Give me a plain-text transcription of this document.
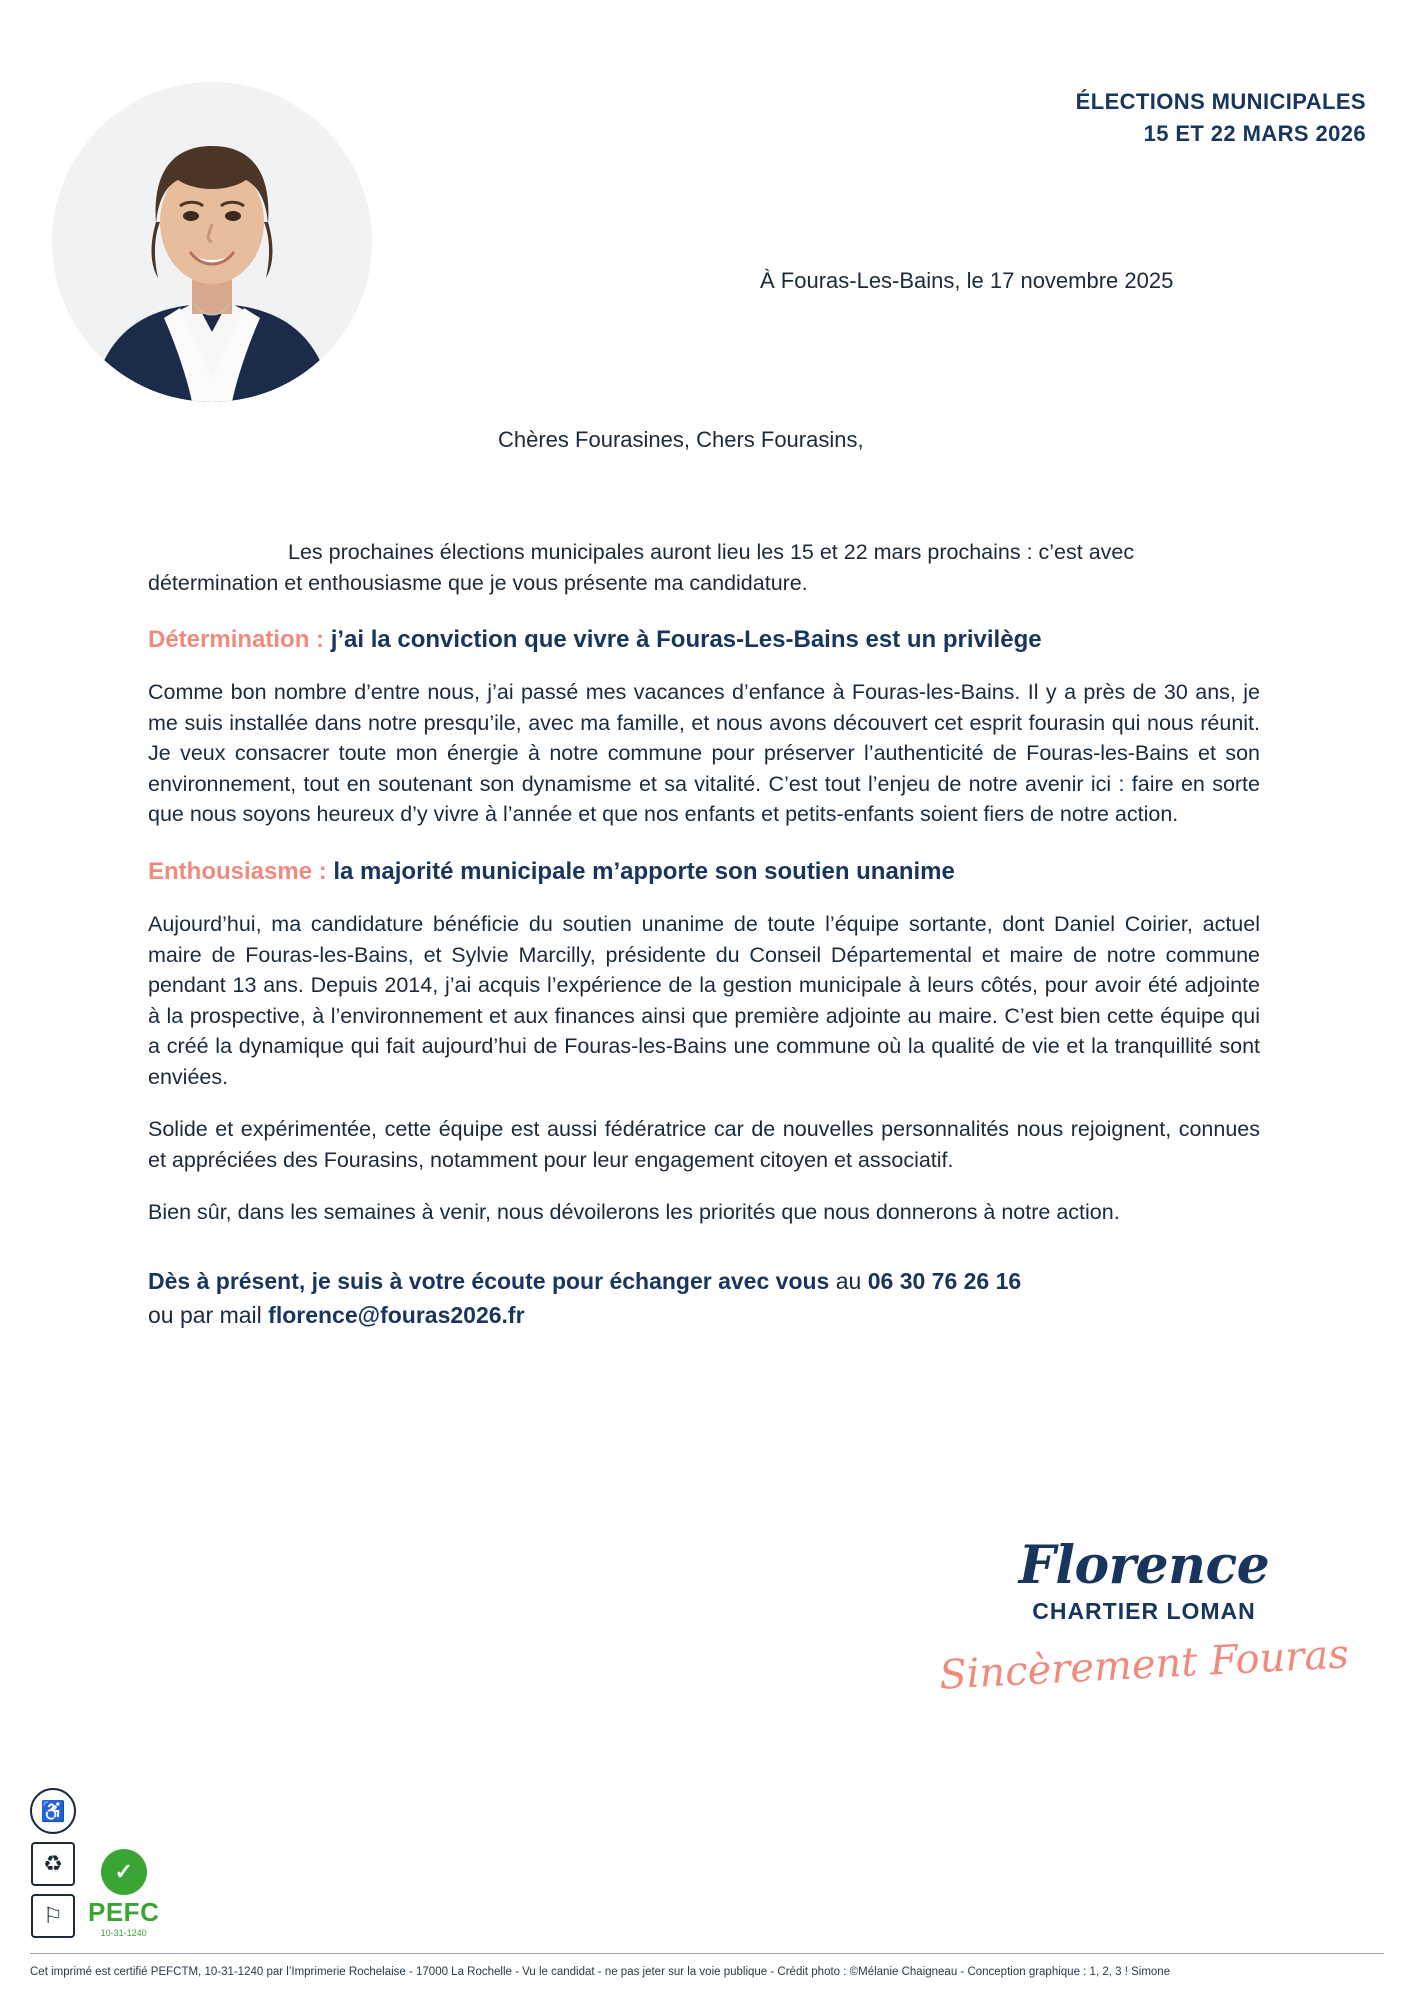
ÉLECTIONS MUNICIPALES
15 ET 22 MARS 2026
À Fouras-Les-Bains, le 17 novembre 2025
Chères Fourasines, Chers Fourasins,

Les prochaines élections municipales auront lieu les 15 et 22 mars prochains : c’est avec détermination et enthousiasme que je vous présente ma candidature.

Détermination : j’ai la conviction que vivre à Fouras-Les-Bains est un privilège

Comme bon nombre d’entre nous, j’ai passé mes vacances d’enfance à Fouras-les-Bains. Il y a près de 30 ans, je me suis installée dans notre presqu’ile, avec ma famille, et nous avons découvert cet esprit fourasin qui nous réunit. Je veux consacrer toute mon énergie à notre commune pour préserver l’authenticité de Fouras-les-Bains et son environnement, tout en soutenant son dynamisme et sa vitalité. C’est tout l’enjeu de notre avenir ici : faire en sorte que nous soyons heureux d’y vivre à l’année et que nos enfants et petits-enfants soient fiers de notre action.

Enthousiasme : la majorité municipale m’apporte son soutien unanime

Aujourd’hui, ma candidature bénéficie du soutien unanime de toute l’équipe sortante, dont Daniel Coirier, actuel maire de Fouras-les-Bains, et Sylvie Marcilly, présidente du Conseil Départemental et maire de notre commune pendant 13 ans. Depuis 2014, j’ai acquis l’expérience de la gestion municipale à leurs côtés, pour avoir été adjointe à la prospective, à l’environnement et aux finances ainsi que première adjointe au maire. C’est bien cette équipe qui a créé la dynamique qui fait aujourd’hui de Fouras-les-Bains une commune où la qualité de vie et la tranquillité sont enviées.

Solide et expérimentée, cette équipe est aussi fédératrice car de nouvelles personnalités nous rejoignent, connues et appréciées des Fourasins, notamment pour leur engagement citoyen et associatif.

Bien sûr, dans les semaines à venir, nous dévoilerons les priorités que nous donnerons à notre action.

Dès à présent, je suis à votre écoute pour échanger avec vous au 06 30 76 26 16
ou par mail florence@fouras2026.fr

Florence
CHARTIER LOMAN
Sincèrement Fouras
♿
♻
⚐
✓
PEFC
10-31-1240
Cet imprimé est certifié PEFCTM, 10-31-1240 par l’Imprimerie Rochelaise - 17000 La Rochelle - Vu le candidat - ne pas jeter sur la voie publique - Crédit photo : ©Mélanie Chaigneau - Conception graphique : 1, 2, 3 ! Simone
